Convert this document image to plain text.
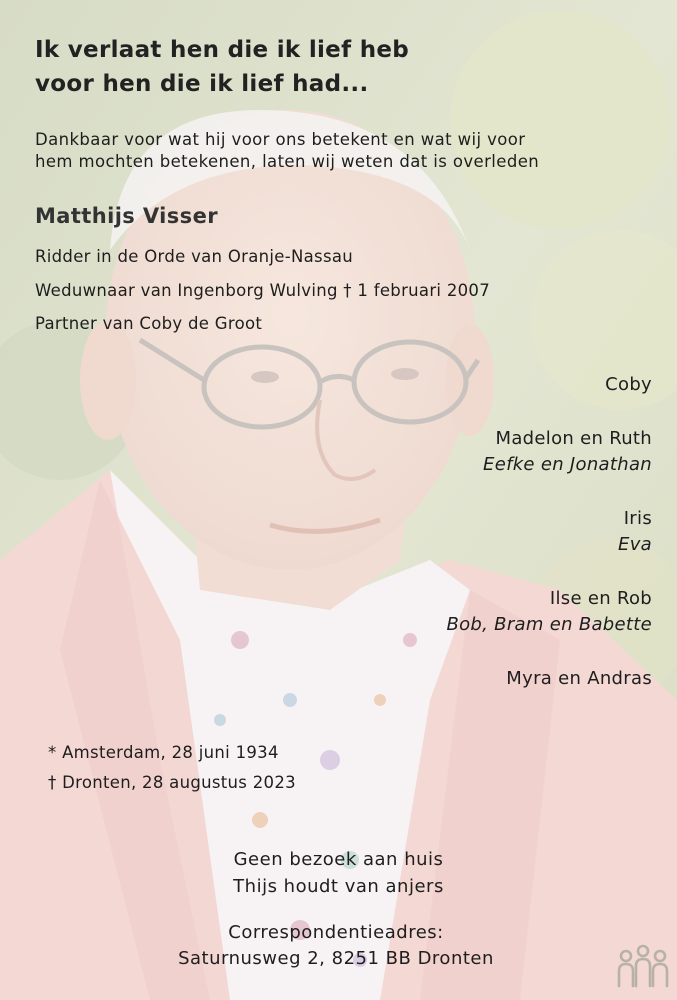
Ik verlaat hen die ik lief heb
voor hen die ik lief had...
Dankbaar voor wat hij voor ons betekent en wat wij voor
hem mochten betekenen, laten wij weten dat is overleden
Matthijs Visser
Ridder in de Orde van Oranje-Nassau
Weduwnaar van Ingenborg Wulving † 1 februari 2007
Partner van Coby de Groot
Coby
Madelon en Ruth
Eefke en Jonathan
Iris
Eva
Ilse en Rob
Bob, Bram en Babette
Myra en Andras
* Amsterdam, 28 juni 1934
† Dronten, 28 augustus 2023
Geen bezoek aan huis
Thijs houdt van anjers
Correspondentieadres:
Saturnusweg 2, 8251 BB Dronten
